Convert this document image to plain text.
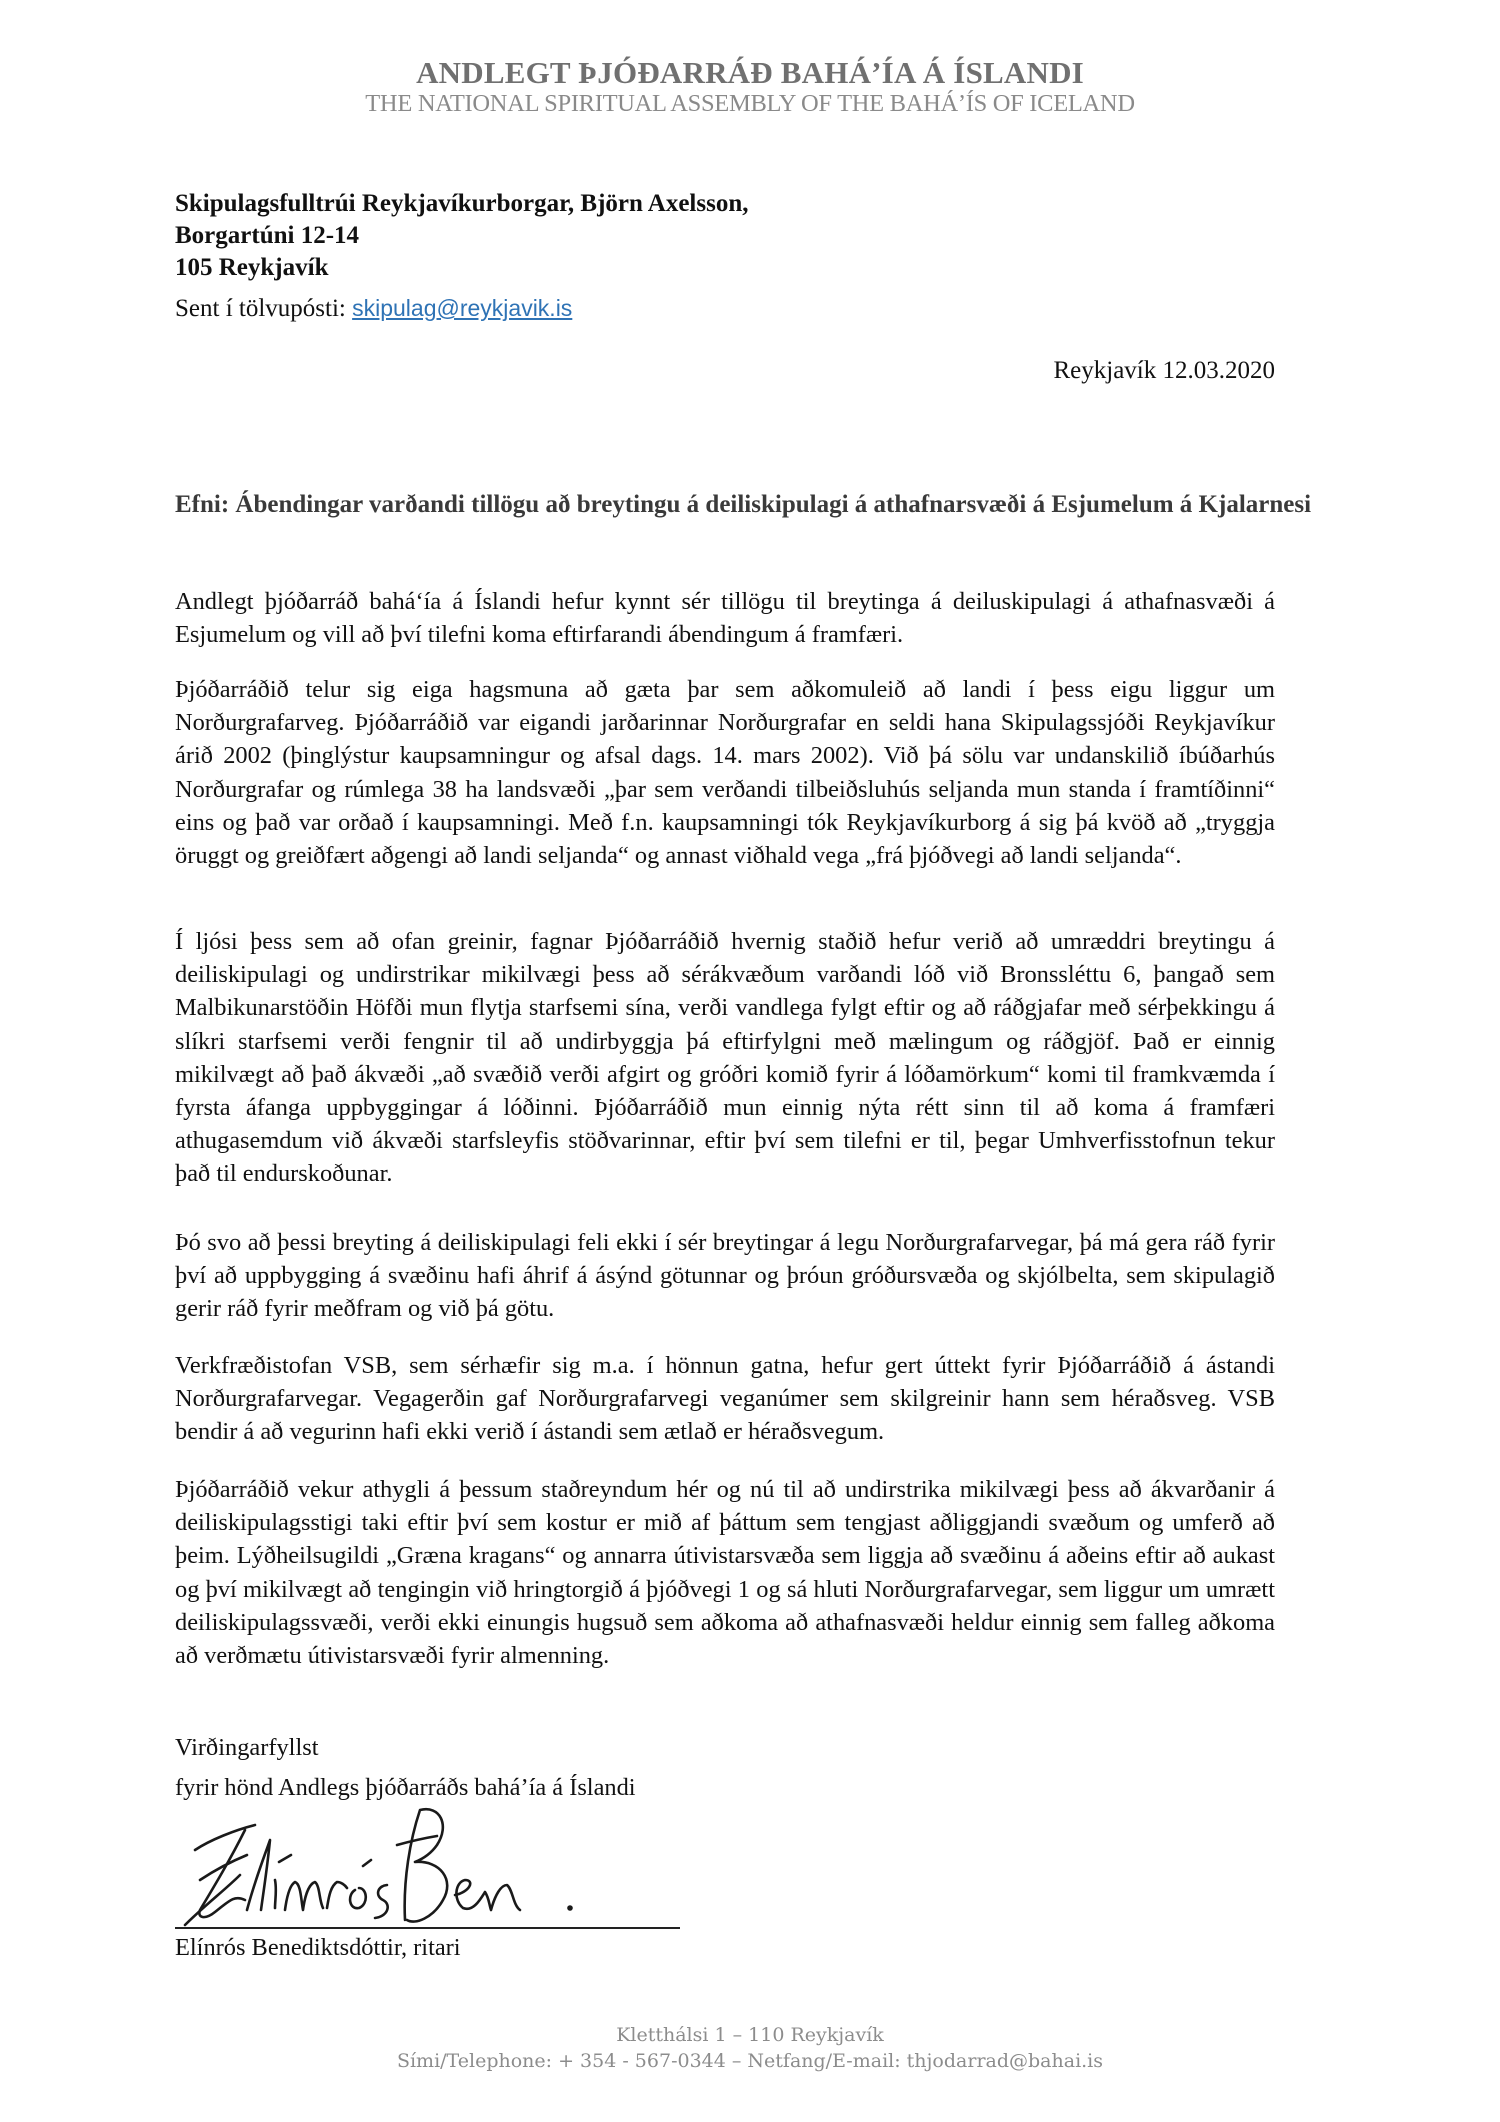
ANDLEGT ÞJÓÐARRÁÐ BAHÁ’ÍA Á ÍSLANDI
THE NATIONAL SPIRITUAL ASSEMBLY OF THE BAHÁ’ÍS OF ICELAND
Skipulagsfulltrúi Reykjavíkurborgar, Björn Axelsson,
Borgartúni 12-14
105 Reykjavík
Sent í tölvupósti: skipulag@reykjavik.is
Reykjavík 12.03.2020
Efni: Ábendingar varðandi tillögu að breytingu á deiliskipulagi á athafnarsvæði á Esjumelum á Kjalarnesi
Andlegt þjóðarráð bahá‘ía á Íslandi hefur kynnt sér tillögu til breytinga á deiluskipulagi á athafnasvæði á Esjumelum og vill að því tilefni koma eftirfarandi ábendingum á framfæri.
Þjóðarráðið telur sig eiga hagsmuna að gæta þar sem aðkomuleið að landi í þess eigu liggur um Norðurgrafarveg. Þjóðarráðið var eigandi jarðarinnar Norðurgrafar en seldi hana Skipulagssjóði Reykjavíkur árið 2002 (þinglýstur kaupsamningur og afsal dags. 14. mars 2002). Við þá sölu var undanskilið íbúðarhús Norðurgrafar og rúmlega 38 ha landsvæði „þar sem verðandi tilbeiðsluhús seljanda mun standa í framtíðinni“ eins og það var orðað í kaupsamningi. Með f.n. kaupsamningi tók Reykjavíkurborg á sig þá kvöð að „tryggja öruggt og greiðfært aðgengi að landi seljanda“ og annast viðhald vega „frá þjóðvegi að landi seljanda“.
Í ljósi þess sem að ofan greinir, fagnar Þjóðarráðið hvernig staðið hefur verið að umræddri breytingu á deiliskipulagi og undirstrikar mikilvægi þess að sérákvæðum varðandi lóð við Bronssléttu 6, þangað sem Malbikunarstöðin Höfði mun flytja starfsemi sína, verði vandlega fylgt eftir og að ráðgjafar með sérþekkingu á slíkri starfsemi verði fengnir til að undirbyggja þá eftirfylgni með mælingum og ráðgjöf. Það er einnig mikilvægt að það ákvæði „að svæðið verði afgirt og gróðri komið fyrir á lóðamörkum“ komi til framkvæmda í fyrsta áfanga uppbyggingar á lóðinni. Þjóðarráðið mun einnig nýta rétt sinn til að koma á framfæri athugasemdum við ákvæði starfsleyfis stöðvarinnar, eftir því sem tilefni er til, þegar Umhverfisstofnun tekur það til endurskoðunar.
Þó svo að þessi breyting á deiliskipulagi feli ekki í sér breytingar á legu Norðurgrafarvegar, þá má gera ráð fyrir því að uppbygging á svæðinu hafi áhrif á ásýnd götunnar og þróun gróðursvæða og skjólbelta, sem skipulagið gerir ráð fyrir meðfram og við þá götu.
Verkfræðistofan VSB, sem sérhæfir sig m.a. í hönnun gatna, hefur gert úttekt fyrir Þjóðarráðið á ástandi Norðurgrafarvegar. Vegagerðin gaf Norðurgrafarvegi veganúmer sem skilgreinir hann sem héraðsveg. VSB bendir á að vegurinn hafi ekki verið í ástandi sem ætlað er héraðsvegum.
Þjóðarráðið vekur athygli á þessum staðreyndum hér og nú til að undirstrika mikilvægi þess að ákvarðanir á deiliskipulagsstigi taki eftir því sem kostur er mið af þáttum sem tengjast aðliggjandi svæðum og umferð að þeim. Lýðheilsugildi „Græna kragans“ og annarra útivistarsvæða sem liggja að svæðinu á aðeins eftir að aukast og því mikilvægt að tengingin við hringtorgið á þjóðvegi 1 og sá hluti Norðurgrafarvegar, sem liggur um umrætt deiliskipulagssvæði, verði ekki einungis hugsuð sem aðkoma að athafnasvæði heldur einnig sem falleg aðkoma að verðmætu útivistarsvæði fyrir almenning.
Virðingarfyllst
fyrir hönd Andlegs þjóðarráðs bahá’ía á Íslandi
Elínrós Benediktsdóttir, ritari
Kletthálsi 1 – 110 Reykjavík
Sími/Telephone: + 354 - 567-0344 – Netfang/E-mail: thjodarrad@bahai.is
